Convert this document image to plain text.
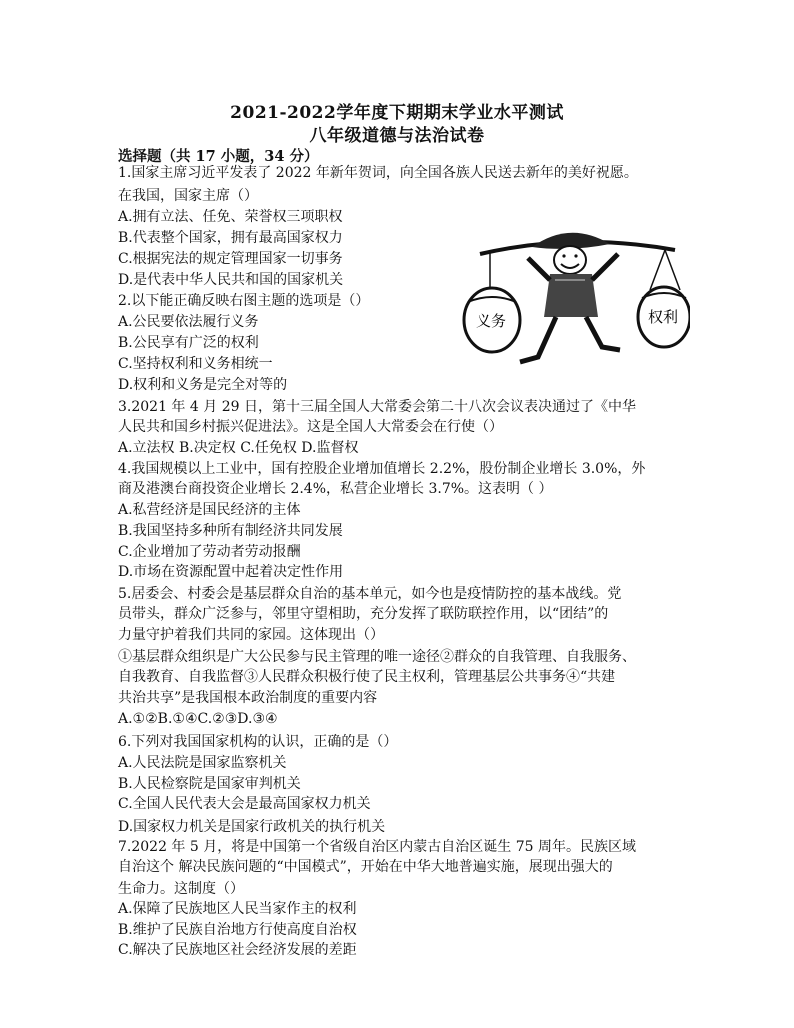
2021-2022学年度下期期末学业水平测试
八年级道德与法治试卷
选择题（共 17 小题，34 分）
1.国家主席习近平发表了 2022 年新年贺词，向全国各族人民送去新年的美好祝愿。
在我国，国家主席（）
A.拥有立法、任免、荣誉权三项职权
B.代表整个国家，拥有最高国家权力
C.根据宪法的规定管理国家一切事务
D.是代表中华人民共和国的国家机关
2.以下能正确反映右图主题的选项是（）
A.公民要依法履行义务
B.公民享有广泛的权利
C.坚持权利和义务相统一
D.权利和义务是完全对等的
3.2021 年 4 月 29 日，第十三届全国人大常委会第二十八次会议表决通过了《中华
人民共和国乡村振兴促进法》。这是全国人大常委会在行使（）
A.立法权 B.决定权 C.任免权 D.监督权
4.我国规模以上工业中，国有控股企业增加值增长 2.2%，股份制企业增长 3.0%，外
商及港澳台商投资企业增长 2.4%，私营企业增长 3.7%。这表明（ ）
A.私营经济是国民经济的主体
B.我国坚持多种所有制经济共同发展
C.企业增加了劳动者劳动报酬
D.市场在资源配置中起着决定性作用
5.居委会、村委会是基层群众自治的基本单元，如今也是疫情防控的基本战线。党
员带头，群众广泛参与，邻里守望相助，充分发挥了联防联控作用，以“团结”的
力量守护着我们共同的家园。这体现出（）
①基层群众组织是广大公民参与民主管理的唯一途径②群众的自我管理、自我服务、
自我教育、自我监督③人民群众积极行使了民主权利，管理基层公共事务④“共建
共治共享”是我国根本政治制度的重要内容
A.①②B.①④C.②③D.③④
6.下列对我国国家机构的认识，正确的是（）
A.人民法院是国家监察机关
B.人民检察院是国家审判机关
C.全国人民代表大会是最高国家权力机关
D.国家权力机关是国家行政机关的执行机关
7.2022 年 5 月，将是中国第一个省级自治区内蒙古自治区诞生 75 周年。民族区域
自治这个 解决民族问题的“中国模式”，开始在中华大地普遍实施，展现出强大的
生命力。这制度（）
A.保障了民族地区人民当家作主的权利
B.维护了民族自治地方行使高度自治权
C.解决了民族地区社会经济发展的差距
义务	权利
